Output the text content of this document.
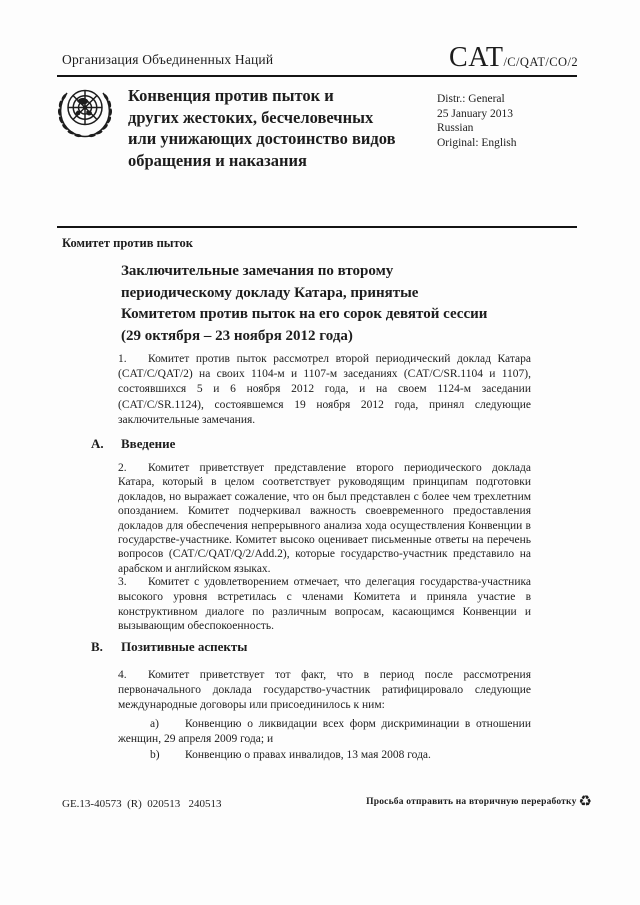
Организация Объединенных Наций	CAT/C/QAT/CO/2
Конвенция против пыток и
других жестоких, бесчеловечных
или унижающих достоинство видов
обращения и наказания
Distr.: General
25 January 2013
Russian
Original: English
Комитет против пыток
Заключительные замечания по второму
периодическому докладу Катара, принятые
Комитетом против пыток на его сорок девятой сессии
(29 октября – 23 ноября 2012 года)

1. Комитет против пыток рассмотрел второй периодический доклад Катара (CAT/C/QAT/2) на своих 1104-м и 1107-м заседаниях (CAT/C/SR.1104 и 1107), состоявшихся 5 и 6 ноября 2012 года, и на своем 1124-м заседании (CAT/C/SR.1124), состоявшемся 19 ноября 2012 года, принял следующие заключительные замечания.

A. Введение

2. Комитет приветствует представление второго периодического доклада Катара, который в целом соответствует руководящим принципам подготовки докладов, но выражает сожаление, что он был представлен с более чем трехлетним опозданием. Комитет подчеркивал важность своевременного предоставления докладов для обеспечения непрерывного анализа хода осуществления Конвенции в государстве-участнике. Комитет высоко оценивает письменные ответы на перечень вопросов (CAT/C/QAT/Q/2/Add.2), которые государство-участник представило на арабском и английском языках.

3. Комитет с удовлетворением отмечает, что делегация государства-участника высокого уровня встретилась с членами Комитета и приняла участие в конструктивном диалоге по различным вопросам, касающимся Конвенции и вызывающим обеспокоенность.

B. Позитивные аспекты

4. Комитет приветствует тот факт, что в период после рассмотрения первоначального доклада государство-участник ратифицировало следующие международные договоры или присоединилось к ним:

a) Конвенцию о ликвидации всех форм дискриминации в отношении женщин, 29 апреля 2009 года; и

b) Конвенцию о правах инвалидов, 13 мая 2008 года.

GE.13-40573  (R)  020513   240513	Просьба отправить на вторичную переработку ♻
